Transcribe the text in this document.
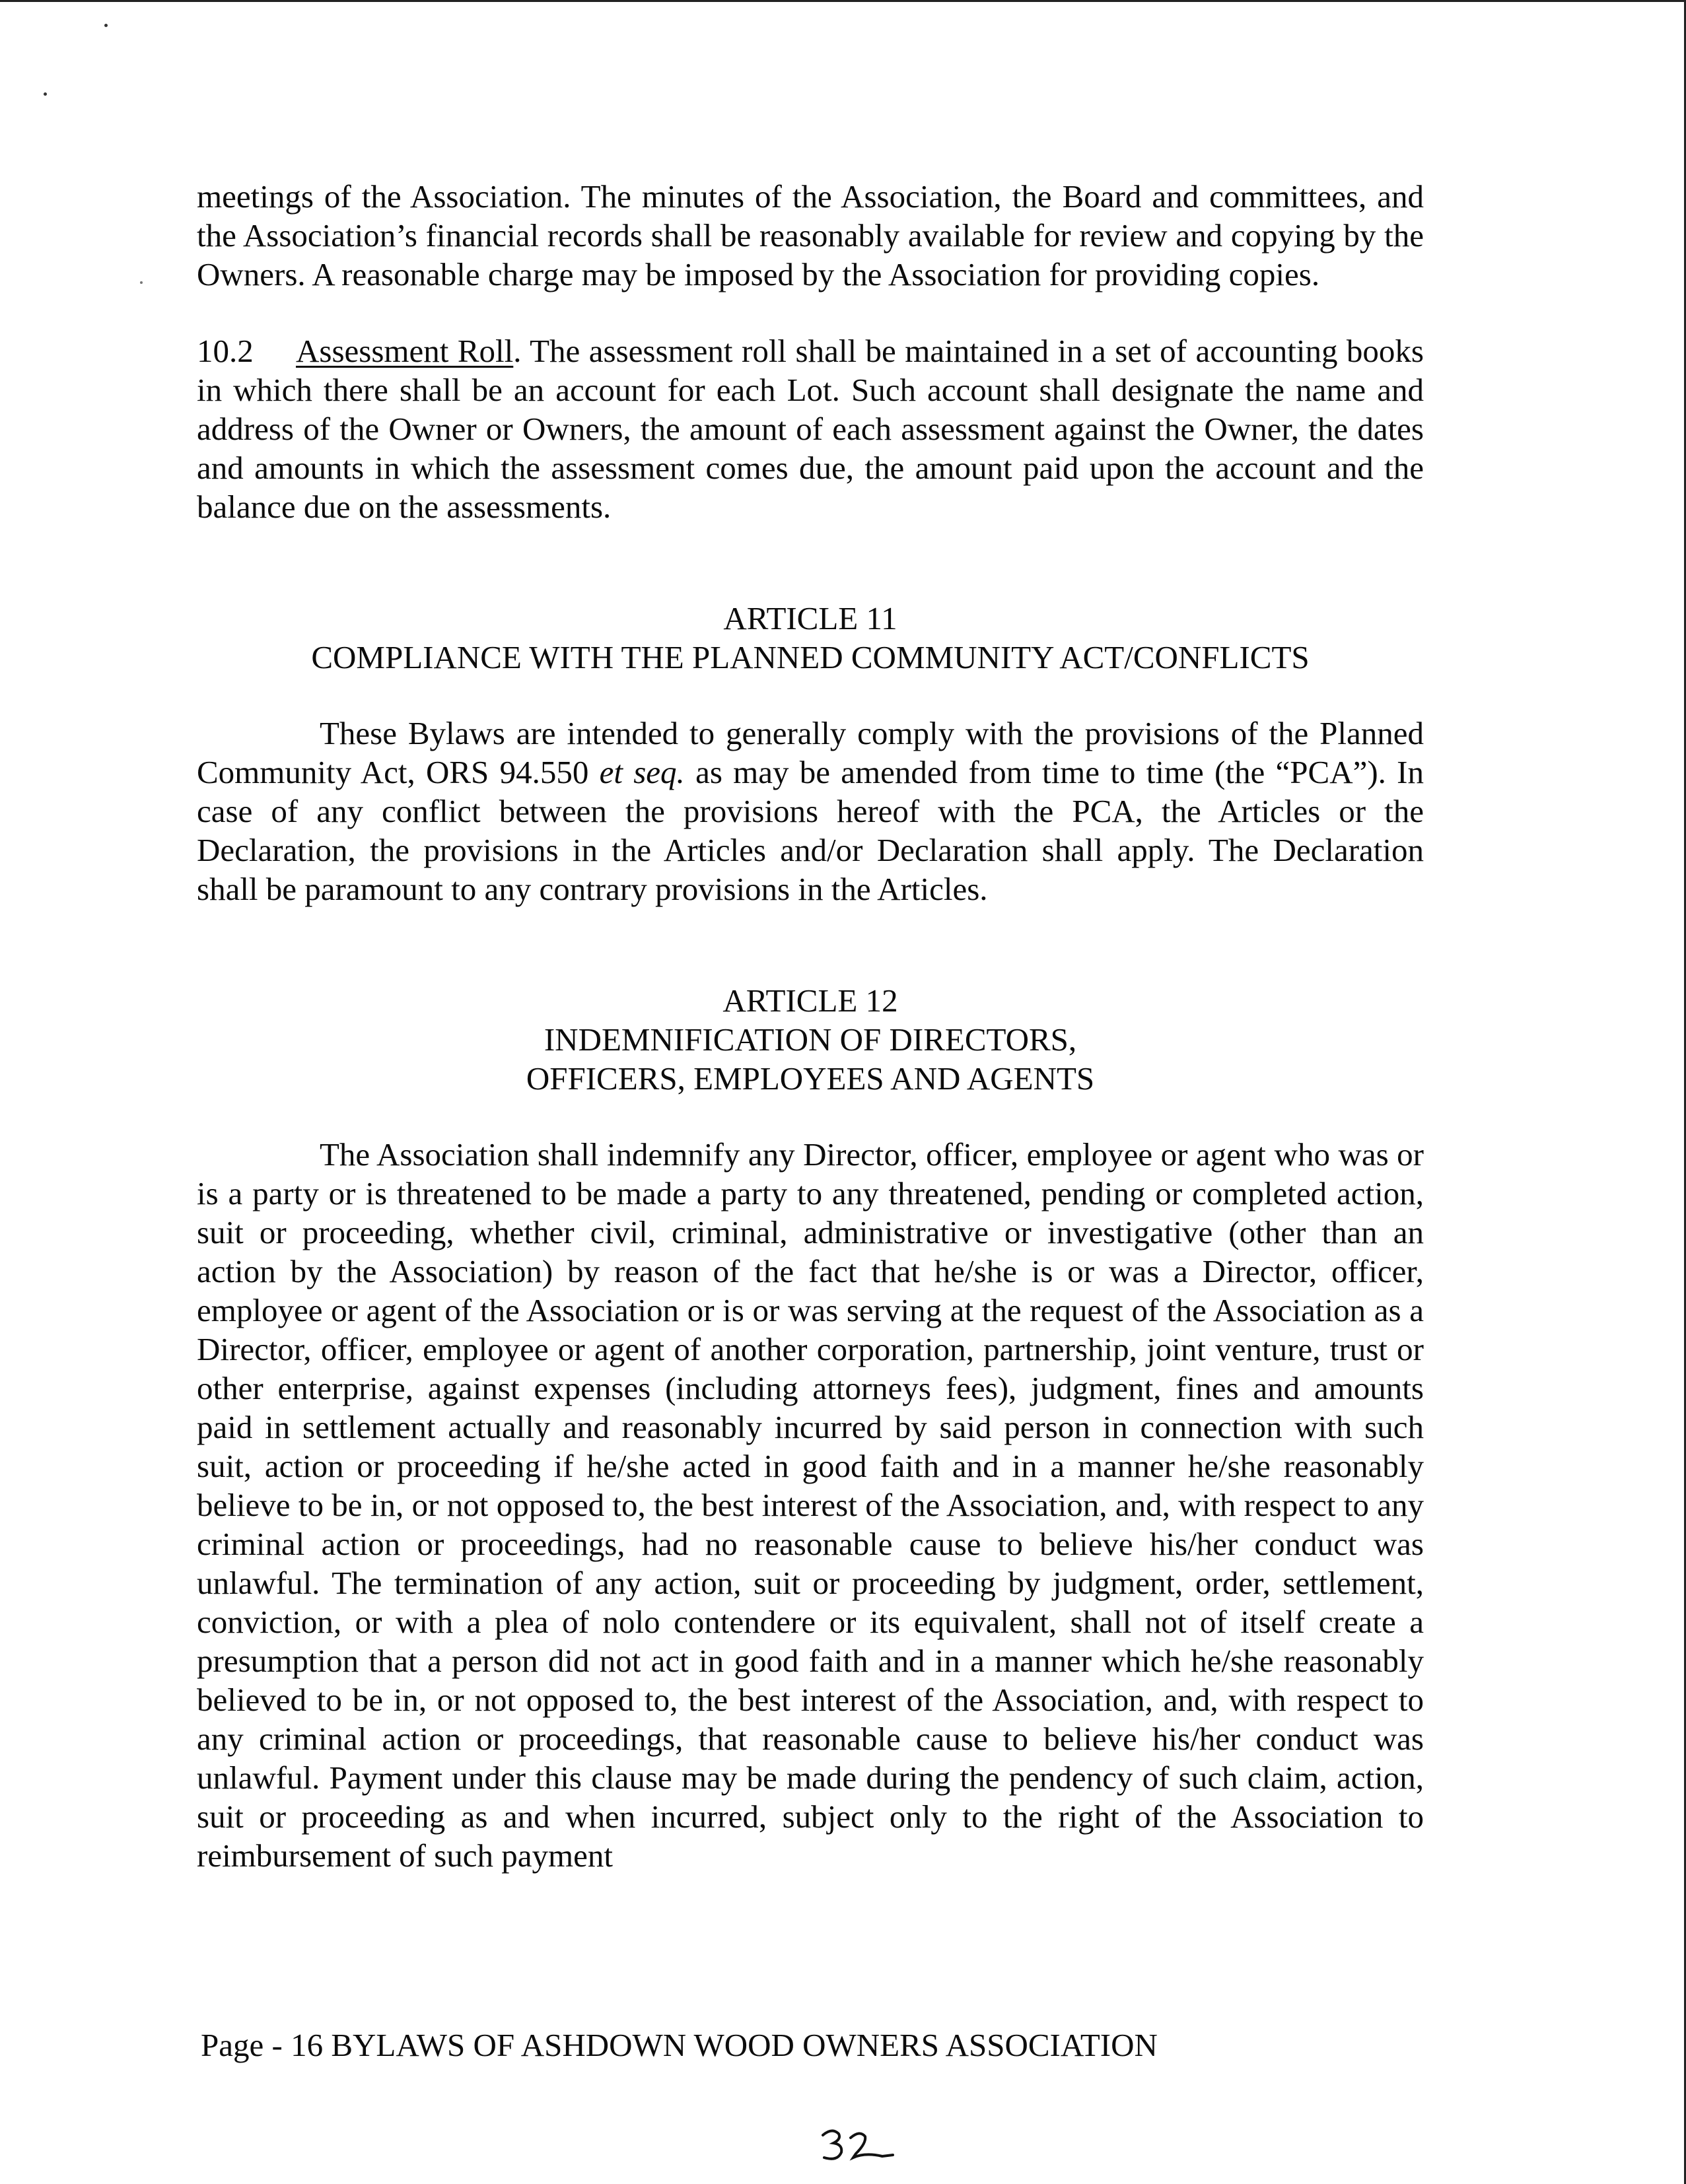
meetings of the Association. The minutes of the Association, the Board and committees, and the Association’s financial records shall be reasonably available for review and copying by the Owners. A reasonable charge may be imposed by the Association for providing copies.

10.2 Assessment Roll. The assessment roll shall be maintained in a set of accounting books in which there shall be an account for each Lot. Such account shall designate the name and address of the Owner or Owners, the amount of each assessment against the Owner, the dates and amounts in which the assessment comes due, the amount paid upon the account and the balance due on the assessments.

ARTICLE 11
COMPLIANCE WITH THE PLANNED COMMUNITY ACT/CONFLICTS

These Bylaws are intended to generally comply with the provisions of the Planned Community Act, ORS 94.550 et seq. as may be amended from time to time (the “PCA”). In case of any conflict between the provisions hereof with the PCA, the Articles or the Declaration, the provisions in the Articles and/or Declaration shall apply. The Declaration shall be paramount to any contrary provisions in the Articles.

ARTICLE 12
INDEMNIFICATION OF DIRECTORS,
OFFICERS, EMPLOYEES AND AGENTS

The Association shall indemnify any Director, officer, employee or agent who was or is a party or is threatened to be made a party to any threatened, pending or completed action, suit or proceeding, whether civil, criminal, administrative or investigative (other than an action by the Association) by reason of the fact that he/she is or was a Director, officer, employee or agent of the Association or is or was serving at the request of the Association as a Director, officer, employee or agent of another corporation, partnership, joint venture, trust or other enterprise, against expenses (including attorneys fees), judgment, fines and amounts paid in settlement actually and reasonably incurred by said person in connection with such suit, action or proceeding if he/she acted in good faith and in a manner he/she reasonably believe to be in, or not opposed to, the best interest of the Association, and, with respect to any criminal action or proceedings, had no reasonable cause to believe his/her conduct was unlawful. The termination of any action, suit or proceeding by judgment, order, settlement, conviction, or with a plea of nolo contendere or its equivalent, shall not of itself create a presumption that a person did not act in good faith and in a manner which he/she reasonably believed to be in, or not opposed to, the best interest of the Association, and, with respect to any criminal action or proceedings, that reasonable cause to believe his/her conduct was unlawful. Payment under this clause may be made during the pendency of such claim, action, suit or proceeding as and when incurred, subject only to the right of the Association to reimbursement of such payment

Page - 16 BYLAWS OF ASHDOWN WOOD OWNERS ASSOCIATION
